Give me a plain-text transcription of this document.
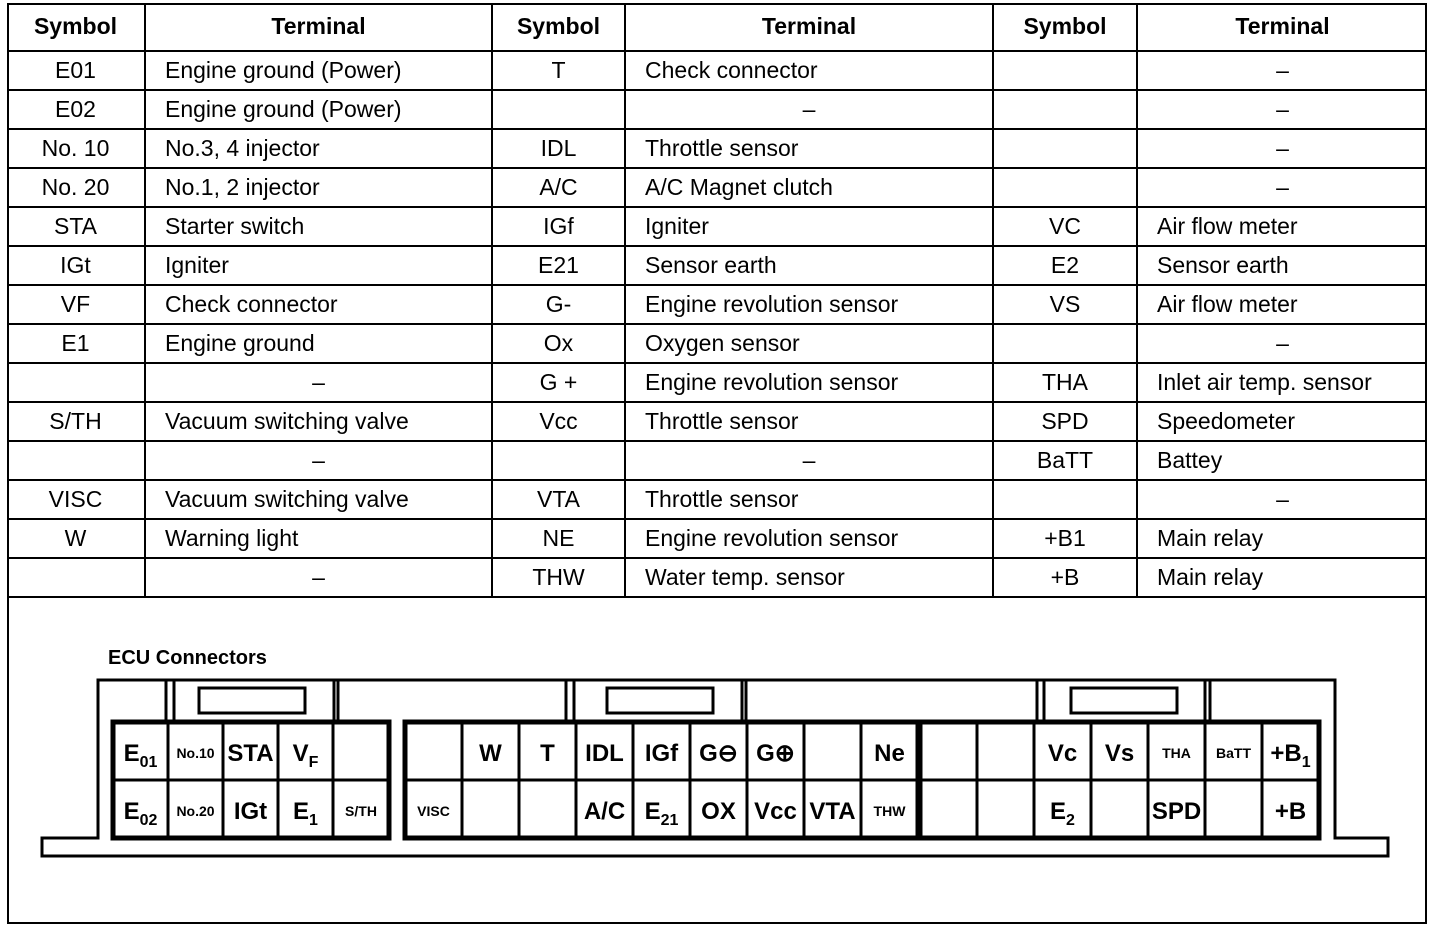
Symbol	Terminal	Symbol	Terminal	Symbol	Terminal
E01	Engine ground (Power)	T	Check connector		–
E02	Engine ground (Power)		–		–
No. 10	No.3, 4 injector	IDL	Throttle sensor		–
No. 20	No.1, 2 injector	A/C	A/C Magnet clutch		–
STA	Starter switch	IGf	Igniter	VC	Air flow meter
IGt	Igniter	E21	Sensor earth	E2	Sensor earth
VF	Check connector	G-	Engine revolution sensor	VS	Air flow meter
E1	Engine ground	Ox	Oxygen sensor		–
	–	G +	Engine revolution sensor	THA	Inlet air temp. sensor
S/TH	Vacuum switching valve	Vcc	Throttle sensor	SPD	Speedometer
	–		–	BaTT	Battey
VISC	Vacuum switching valve	VTA	Throttle sensor		–
W	Warning light	NE	Engine revolution sensor	+B1	Main relay
	–	THW	Water temp. sensor	+B	Main relay
ECU Connectors
$E_{01}$
No.10 STA $V_F$
$E_{02}$
No.20 IGt $E_1$
S/TH
W T IDL IGf G⊖ G⊕	Ne
VISC	A/C $E_{21}$ OX Vcc VTA THW
Vc Vs THA BaTT $+B_1$
$E_2$	SPD	+B
